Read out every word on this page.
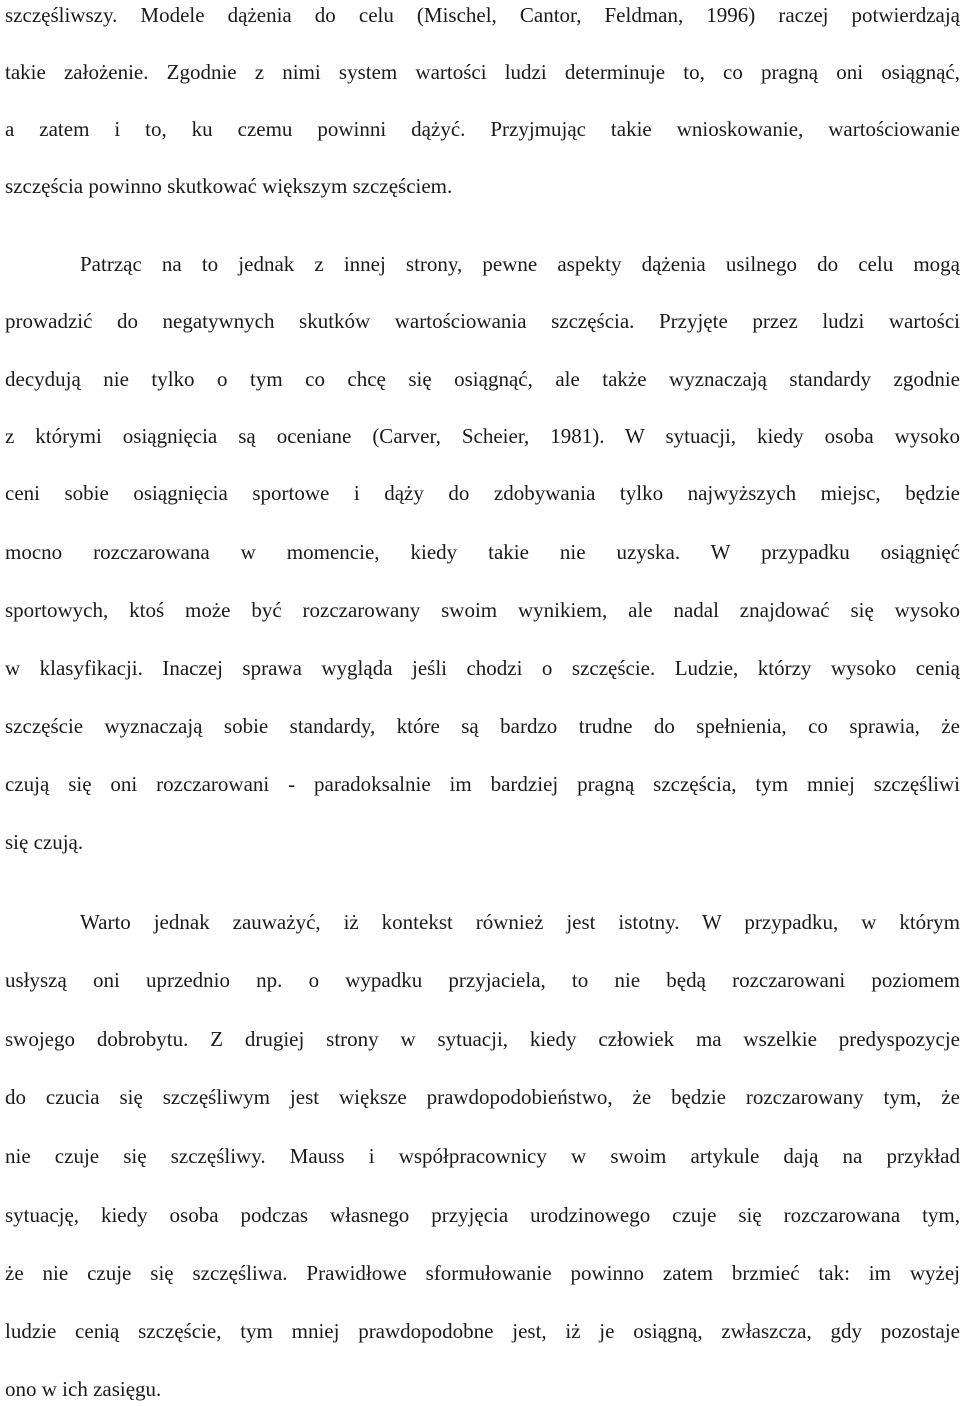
szczęśliwszy. Modele dążenia do celu (Mischel, Cantor, Feldman, 1996) raczej potwierdzają
takie założenie. Zgodnie z nimi system wartości ludzi determinuje to, co pragną oni osiągnąć,
a zatem i to, ku czemu powinni dążyć. Przyjmując takie wnioskowanie, wartościowanie
szczęścia powinno skutkować większym szczęściem.
Patrząc na to jednak z innej strony, pewne aspekty dążenia usilnego do celu mogą
prowadzić do negatywnych skutków wartościowania szczęścia. Przyjęte przez ludzi wartości
decydują nie tylko o tym co chcę się osiągnąć, ale także wyznaczają standardy zgodnie
z którymi osiągnięcia są oceniane (Carver, Scheier, 1981). W sytuacji, kiedy osoba wysoko
ceni sobie osiągnięcia sportowe i dąży do zdobywania tylko najwyższych miejsc, będzie
mocno rozczarowana w momencie, kiedy takie nie uzyska. W przypadku osiągnięć
sportowych, ktoś może być rozczarowany swoim wynikiem, ale nadal znajdować się wysoko
w klasyfikacji. Inaczej sprawa wygląda jeśli chodzi o szczęście. Ludzie, którzy wysoko cenią
szczęście wyznaczają sobie standardy, które są bardzo trudne do spełnienia, co sprawia, że
czują się oni rozczarowani - paradoksalnie im bardziej pragną szczęścia, tym mniej szczęśliwi
się czują.
Warto jednak zauważyć, iż kontekst również jest istotny. W przypadku, w którym
usłyszą oni uprzednio np. o wypadku przyjaciela, to nie będą rozczarowani poziomem
swojego dobrobytu. Z drugiej strony w sytuacji, kiedy człowiek ma wszelkie predyspozycje
do czucia się szczęśliwym jest większe prawdopodobieństwo, że będzie rozczarowany tym, że
nie czuje się szczęśliwy. Mauss i współpracownicy w swoim artykule dają na przykład
sytuację, kiedy osoba podczas własnego przyjęcia urodzinowego czuje się rozczarowana tym,
że nie czuje się szczęśliwa. Prawidłowe sformułowanie powinno zatem brzmieć tak: im wyżej
ludzie cenią szczęście, tym mniej prawdopodobne jest, iż je osiągną, zwłaszcza, gdy pozostaje
ono w ich zasięgu.
